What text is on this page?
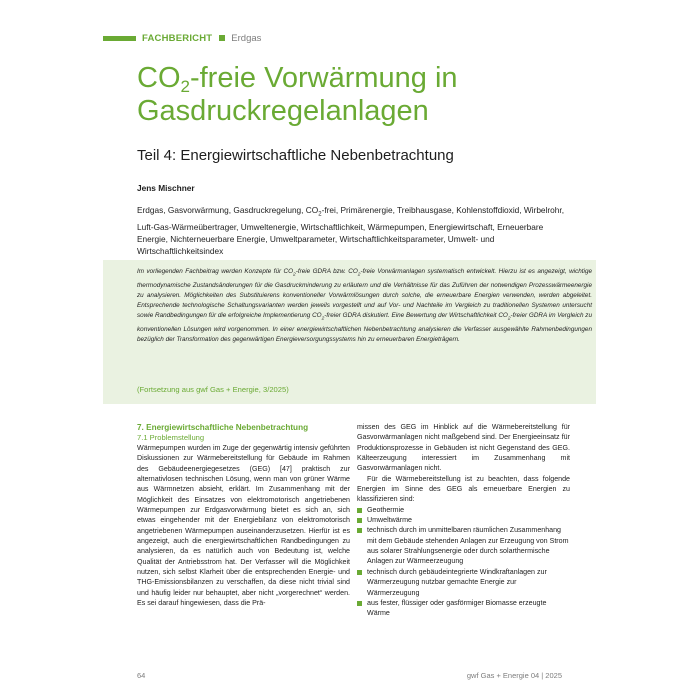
FACHBERICHT Erdgas
$CO_2$-freie Vorwärmung in Gasdruckregelanlagen
Teil 4: Energiewirtschaftliche Nebenbetrachtung
Jens Mischner
Erdgas, Gasvorwärmung, Gasdruckregelung, $CO_2$-frei, Primärenergie, Treibhausgase, Kohlenstoffdioxid, Wirbelrohr, Luft-Gas-Wärmeübertrager, Umweltenergie, Wirtschaftlichkeit, Wärmepumpen, Energiewirtschaft, Erneuerbare Energie, Nichterneuerbare Energie, Umweltparameter, Wirtschaftlichkeitsparameter, Umwelt- und Wirtschaftlichkeitsindex
Im vorliegenden Fachbeitrag werden Konzepte für $CO_2$-freie GDRA bzw. $CO_2$-freie Vorwärmanlagen systematisch entwickelt. Hierzu ist es angezeigt, wichtige thermodynamische Zustandsänderungen für die Gasdruckminderung zu erläutern und die Verhältnisse für das Zuführen der notwendigen Prozesswärmeenergie zu analysieren. Möglichkeiten des Substituierens konventioneller Vorwärmlösungen durch solche, die erneuerbare Energien verwenden, werden abgeleitet. Entsprechende technologische Schaltungsvarianten werden jeweils vorgestellt und auf Vor- und Nachteile im Vergleich zu traditionellen Systemen untersucht sowie Randbedingungen für die erfolgreiche Implementierung $CO_2$-freier GDRA diskutiert. Eine Bewertung der Wirtschaftlichkeit $CO_2$-freier GDRA im Vergleich zu konventionellen Lösungen wird vorgenommen. In einer energiewirtschaftlichen Nebenbetrachtung analysieren die Verfasser ausgewählte Rahmenbedingungen bezüglich der Transformation des gegenwärtigen Energieversorgungssystems hin zu erneuerbaren Energieträgern.
(Fortsetzung aus gwf Gas + Energie, 3/2025)
7. Energiewirtschaftliche Nebenbetrachtung
7.1 Problemstellung

Wärmepumpen wurden im Zuge der gegenwärtig intensiv geführten Diskussionen zur Wärmebereitstellung für Gebäude im Rahmen des Gebäudeenergiegesetzes (GEG) [47] praktisch zur alternativlosen technischen Lösung, wenn man von grüner Wärme aus Wärmnetzen absieht, erklärt. Im Zusammenhang mit der Möglichkeit des Einsatzes von elektromotorisch angetriebenen Wärmepumpen zur Erdgasvorwärmung bietet es sich an, sich etwas eingehender mit der Energiebilanz von elektromotorisch angetriebenen Wärmepumpen auseinanderzusetzen. Hierfür ist es angezeigt, auch die energiewirtschaftlichen Randbedingungen zu analysieren, da es natürlich auch von Bedeutung ist, welche Qualität der Antriebsstrom hat. Der Verfasser will die Möglichkeit nutzen, sich selbst Klarheit über die entsprechenden Energie- und THG-Emissionsbilanzen zu verschaffen, da diese nicht trivial sind und häufig leider nur behauptet, aber nicht „vorgerechnet“ werden. Es sei darauf hingewiesen, dass die Prä-

missen des GEG im Hinblick auf die Wärmebereitstellung für Gasvorwärmanlagen nicht maßgebend sind. Der Energieeinsatz für Produktionsprozesse in Gebäuden ist nicht Gegenstand des GEG. Kälteerzeugung interessiert im Zusammenhang mit Gasvorwärmanlagen nicht.

Für die Wärmebereitstellung ist zu beachten, dass folgende Energien im Sinne des GEG als erneuerbare Energien zu klassifizieren sind:

Geothermie
Umweltwärme
technisch durch im unmittelbaren räumlichen Zusammenhang mit dem Gebäude stehenden Anlagen zur Erzeugung von Strom aus solarer Strahlungsenergie oder durch solarthermische Anlagen zur Wärmeerzeugung
technisch durch gebäudeintegrierte Windkraftanlagen zur Wärmerzeugung nutzbar gemachte Energie zur Wärmerzeugung
aus fester, flüssiger oder gasförmiger Biomasse erzeugte Wärme
64	gwf Gas + Energie 04 | 2025
